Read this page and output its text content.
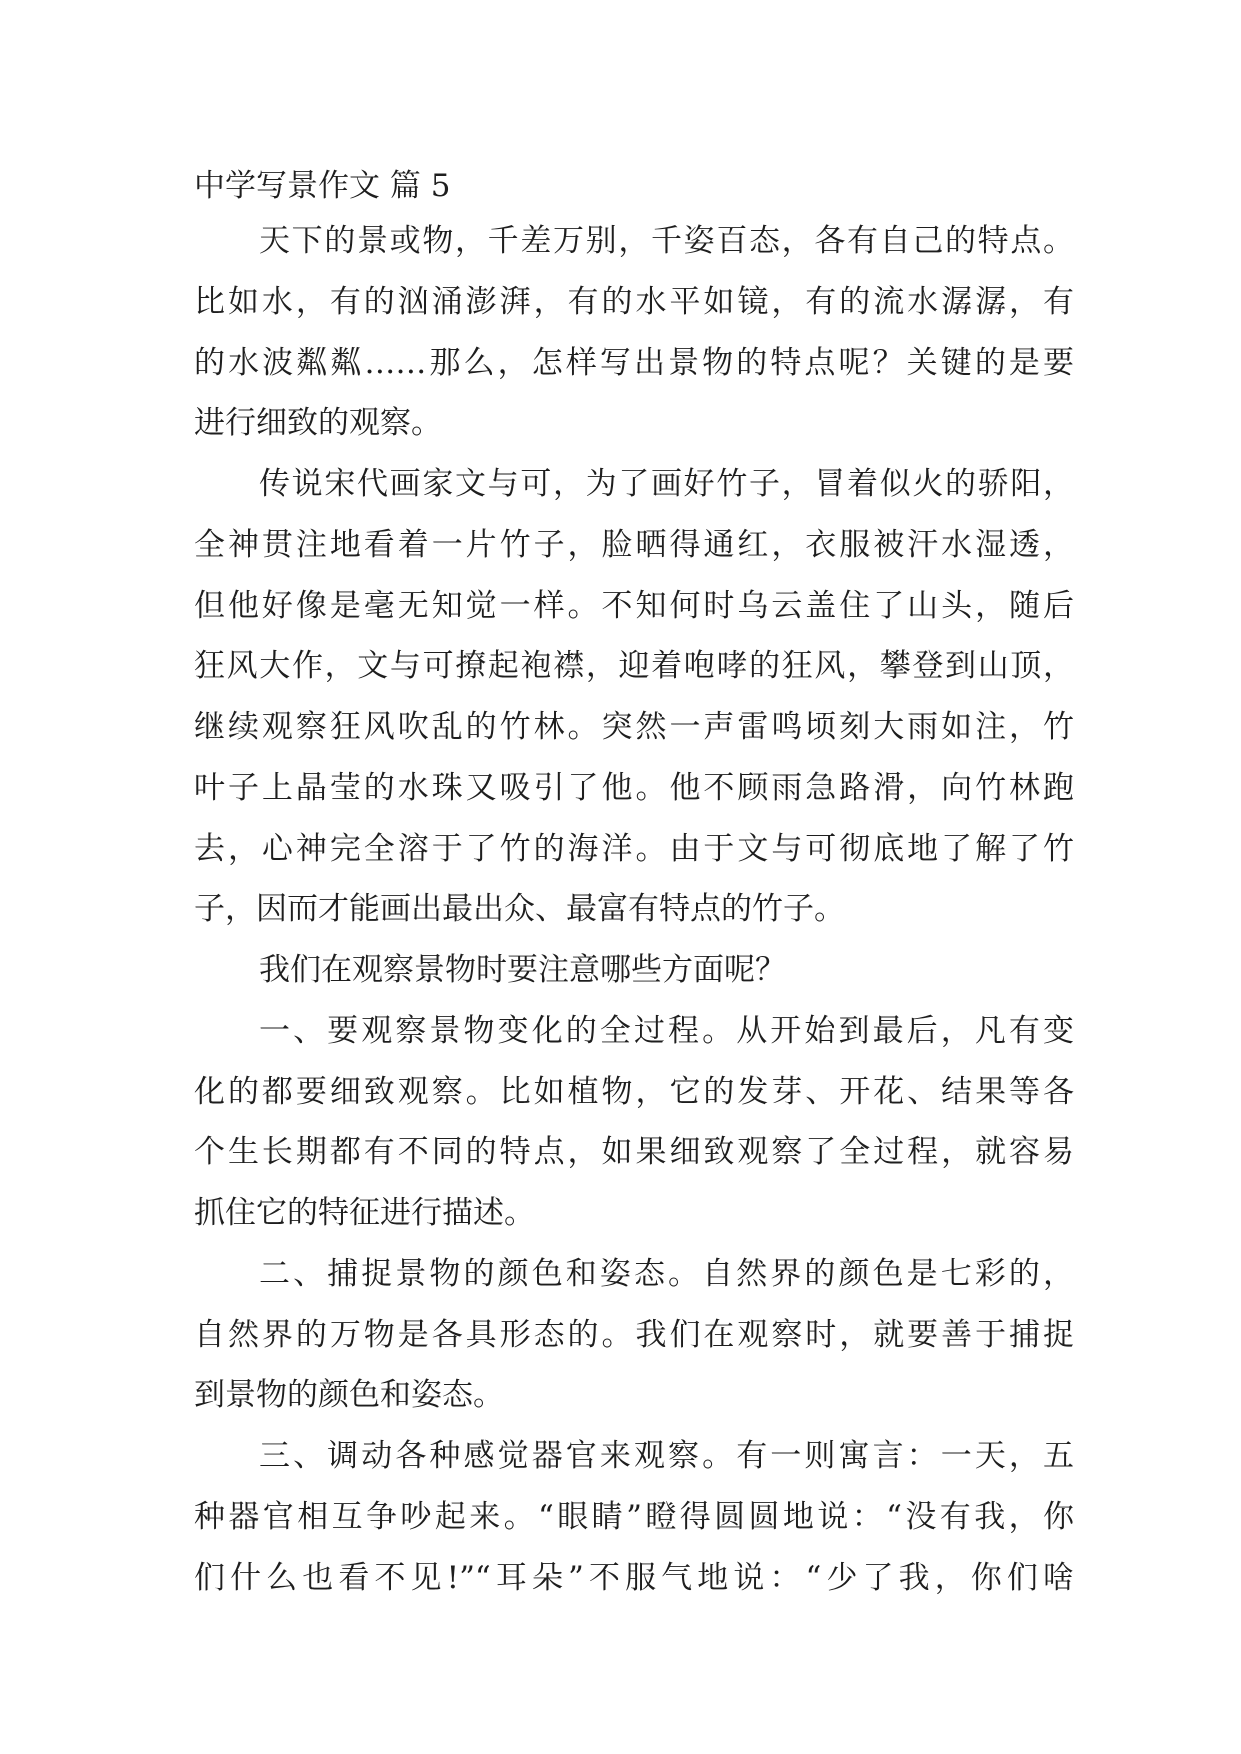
中学写景作文 篇 5
天下的景或物，千差万别，千姿百态，各有自己的特点。
比如水，有的汹涌澎湃，有的水平如镜，有的流水潺潺，有
的水波粼粼……那么，怎样写出景物的特点呢？关键的是要
进行细致的观察。
传说宋代画家文与可，为了画好竹子，冒着似火的骄阳，
全神贯注地看着一片竹子，脸晒得通红，衣服被汗水湿透，
但他好像是毫无知觉一样。不知何时乌云盖住了山头，随后
狂风大作，文与可撩起袍襟，迎着咆哮的狂风，攀登到山顶，
继续观察狂风吹乱的竹林。突然一声雷鸣顷刻大雨如注，竹
叶子上晶莹的水珠又吸引了他。他不顾雨急路滑，向竹林跑
去，心神完全溶于了竹的海洋。由于文与可彻底地了解了竹
子，因而才能画出最出众、最富有特点的竹子。
我们在观察景物时要注意哪些方面呢？
一、要观察景物变化的全过程。从开始到最后，凡有变
化的都要细致观察。比如植物，它的发芽、开花、结果等各
个生长期都有不同的特点，如果细致观察了全过程，就容易
抓住它的特征进行描述。
二、捕捉景物的颜色和姿态。自然界的颜色是七彩的，
自然界的万物是各具形态的。我们在观察时，就要善于捕捉
到景物的颜色和姿态。
三、调动各种感觉器官来观察。有一则寓言：一天，五
种器官相互争吵起来。“眼睛”瞪得圆圆地说：“没有我，你
们什么也看不见!”“耳朵”不服气地说：“少了我，你们啥
